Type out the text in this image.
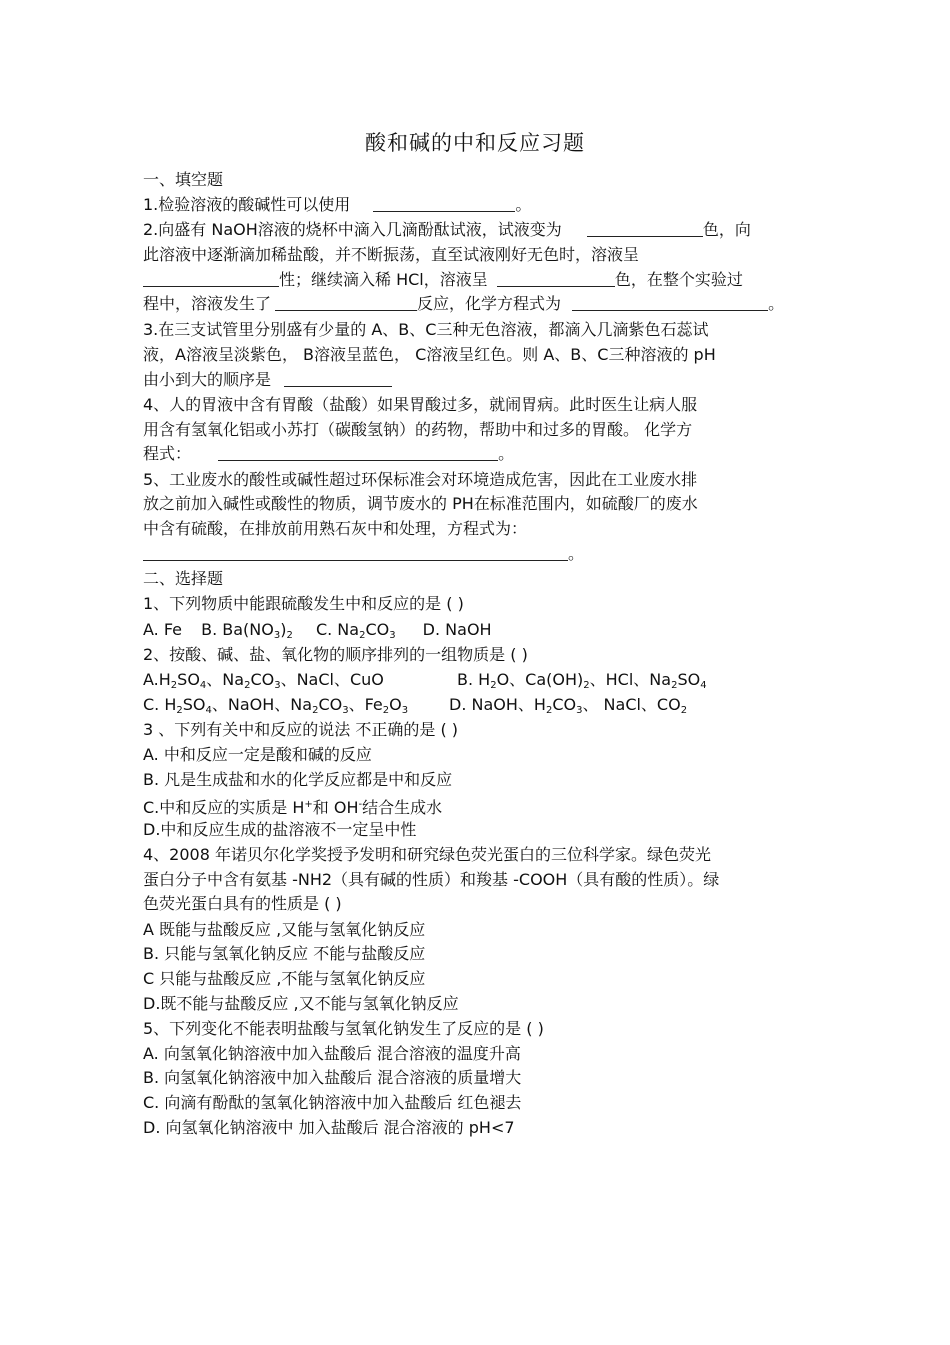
酸和碱的中和反应习题
一、填空题
1.检验溶液的酸碱性可以使用	。
2.向盛有 NaOH溶液的烧杯中滴入几滴酚酞试液，试液变为	色，向
此溶液中逐渐滴加稀盐酸，并不断振荡，直至试液刚好无色时，溶液呈
性；继续滴入稀 HCl，溶液呈	色，在整个实验过
程中，溶液发生了	反应，化学方程式为	。
3.在三支试管里分别盛有少量的 A、B、C三种无色溶液，都滴入几滴紫色石蕊试
液，A溶液呈淡紫色， B溶液呈蓝色， C溶液呈红色。则 A、B、C三种溶液的 pH
由小到大的顺序是
4、人的胃液中含有胃酸（盐酸）如果胃酸过多，就闹胃病。此时医生让病人服
用含有氢氧化铝或小苏打（碳酸氢钠）的药物，帮助中和过多的胃酸。 化学方
程式：	。
5、工业废水的酸性或碱性超过环保标准会对环境造成危害，因此在工业废水排
放之前加入碱性或酸性的物质，调节废水的 PH在标准范围内，如硫酸厂的废水
中含有硫酸，在排放前用熟石灰中和处理，方程式为：
。
二、选择题
1、下列物质中能跟硫酸发生中和反应的是 ( )
A. Fe B. $Ba(NO_3)_2$ C. $Na_2CO_3$ D. NaOH
2、按酸、碱、盐、氧化物的顺序排列的一组物质是 ( )
$A.H_2SO_4$、$Na_2CO_3$、NaCl、CuO	B. $H_2O$、$Ca(OH)_2$、HCl、$Na_2SO_4$
C. $H_2SO_4$、NaOH、$Na_2CO_3$、$Fe_2O_3$	D. NaOH、$H_2CO_3$、 NaCl、$CO_2$
3 、下列有关中和反应的说法 不正确的是 ( )
A. 中和反应一定是酸和碱的反应
B. 凡是生成盐和水的化学反应都是中和反应
C.中和反应的实质是 H+和 OH-结合生成水
D.中和反应生成的盐溶液不一定呈中性
4、2008 年诺贝尔化学奖授予发明和研究绿色荧光蛋白的三位科学家。绿色荧光
蛋白分子中含有氨基 -NH2（具有碱的性质）和羧基 -COOH（具有酸的性质）。绿
色荧光蛋白具有的性质是 ( )
A 既能与盐酸反应 ,又能与氢氧化钠反应
B. 只能与氢氧化钠反应 不能与盐酸反应
C 只能与盐酸反应 ,不能与氢氧化钠反应
D.既不能与盐酸反应 ,又不能与氢氧化钠反应
5、下列变化不能表明盐酸与氢氧化钠发生了反应的是 ( )
A. 向氢氧化钠溶液中加入盐酸后 混合溶液的温度升高
B. 向氢氧化钠溶液中加入盐酸后 混合溶液的质量增大
C. 向滴有酚酞的氢氧化钠溶液中加入盐酸后 红色褪去
D. 向氢氧化钠溶液中 加入盐酸后 混合溶液的 pH<7
